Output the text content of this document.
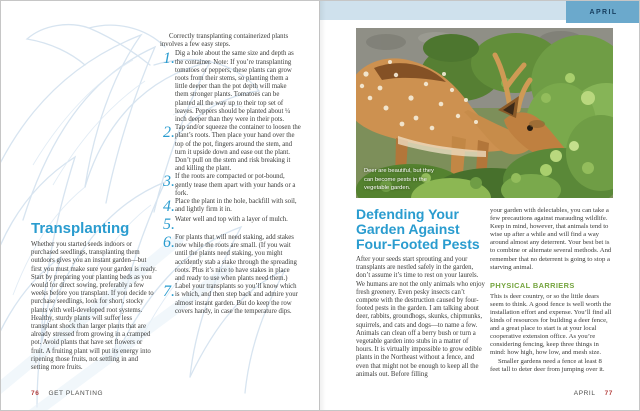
Correctly transplanting containerized plants involves a few easy steps.

1. Dig a hole about the same size and depth as the container. Note: If you’re transplanting tomatoes or peppers, these plants can grow roots from their stems, so planting them a little deeper than the pot depth will make them stronger plants. Tomatoes can be planted all the way up to their top set of leaves. Peppers should be planted about ¼ inch deeper than they were in their pots.
2. Tap and/or squeeze the container to loosen the plant’s roots. Then place your hand over the top of the pot, fingers around the stem, and turn it upside down and ease out the plant. Don’t pull on the stem and risk breaking it and killing the plant.
3. If the roots are compacted or pot-bound, gently tease them apart with your hands or a fork.
4. Place the plant in the hole, backfill with soil, and lightly firm it in.
5. Water well and top with a layer of mulch.
6. For plants that will need staking, add stakes now while the roots are small. (If you wait until the plants need staking, you might accidently stab a stake through the spreading roots. Plus it’s nice to have stakes in place and ready to use when plants need them.)
7. Label your transplants so you’ll know which is which, and then step back and admire your almost instant garden. But do keep the row covers handy, in case the temperature dips.
Transplanting

Whether you started seeds indoors or purchased seedlings, transplanting them outdoors gives you an instant garden—but first you must make sure your garden is ready. Start by preparing your planting beds as you would for direct sowing, preferably a few weeks before you transplant. If you decide to purchase seedlings, look for short, stocky plants with well-developed root systems. Healthy, sturdy plants will suffer less transplant shock than larger plants that are already stressed from growing in a cramped pot. Avoid plants that have set flowers or fruit. A fruiting plant will put its energy into ripening those fruits, not settling in and setting more fruits.

76 GET PLANTING
APRIL
Deer are beautiful, but they can become pests in the vegetable garden.
Defending Your Garden Against Four-Footed Pests

After your seeds start sprouting and your transplants are nestled safely in the garden, don’t assume it’s time to rest on your laurels. We humans are not the only animals who enjoy fresh greenery. Even pesky insects can’t compete with the destruction caused by four-footed pests in the garden. I am talking about deer, rabbits, groundhogs, skunks, chipmunks, squirrels, and cats and dogs—to name a few. Animals can clean off a berry bush or turn a vegetable garden into stubs in a matter of hours. It is virtually impossible to grow edible plants in the Northeast without a fence, and even that might not be enough to keep all the animals out. Before filling

your garden with delectables, you can take a few precautions against marauding wildlife. Keep in mind, however, that animals tend to wise up after a while and will find a way around almost any deterrent. Your best bet is to combine or alternate several methods. And remember that no deterrent is going to stop a starving animal.

PHYSICAL BARRIERS

This is deer country, or so the little dears seem to think. A good fence is well worth the installation effort and expense. You’ll find all kinds of resources for building a deer fence, and a great place to start is at your local cooperative extension office. As you’re considering fencing, keep three things in mind: how high, how low, and mesh size.

Smaller gardens need a fence at least 8 feet tall to deter deer from jumping over it.

APRIL 77
